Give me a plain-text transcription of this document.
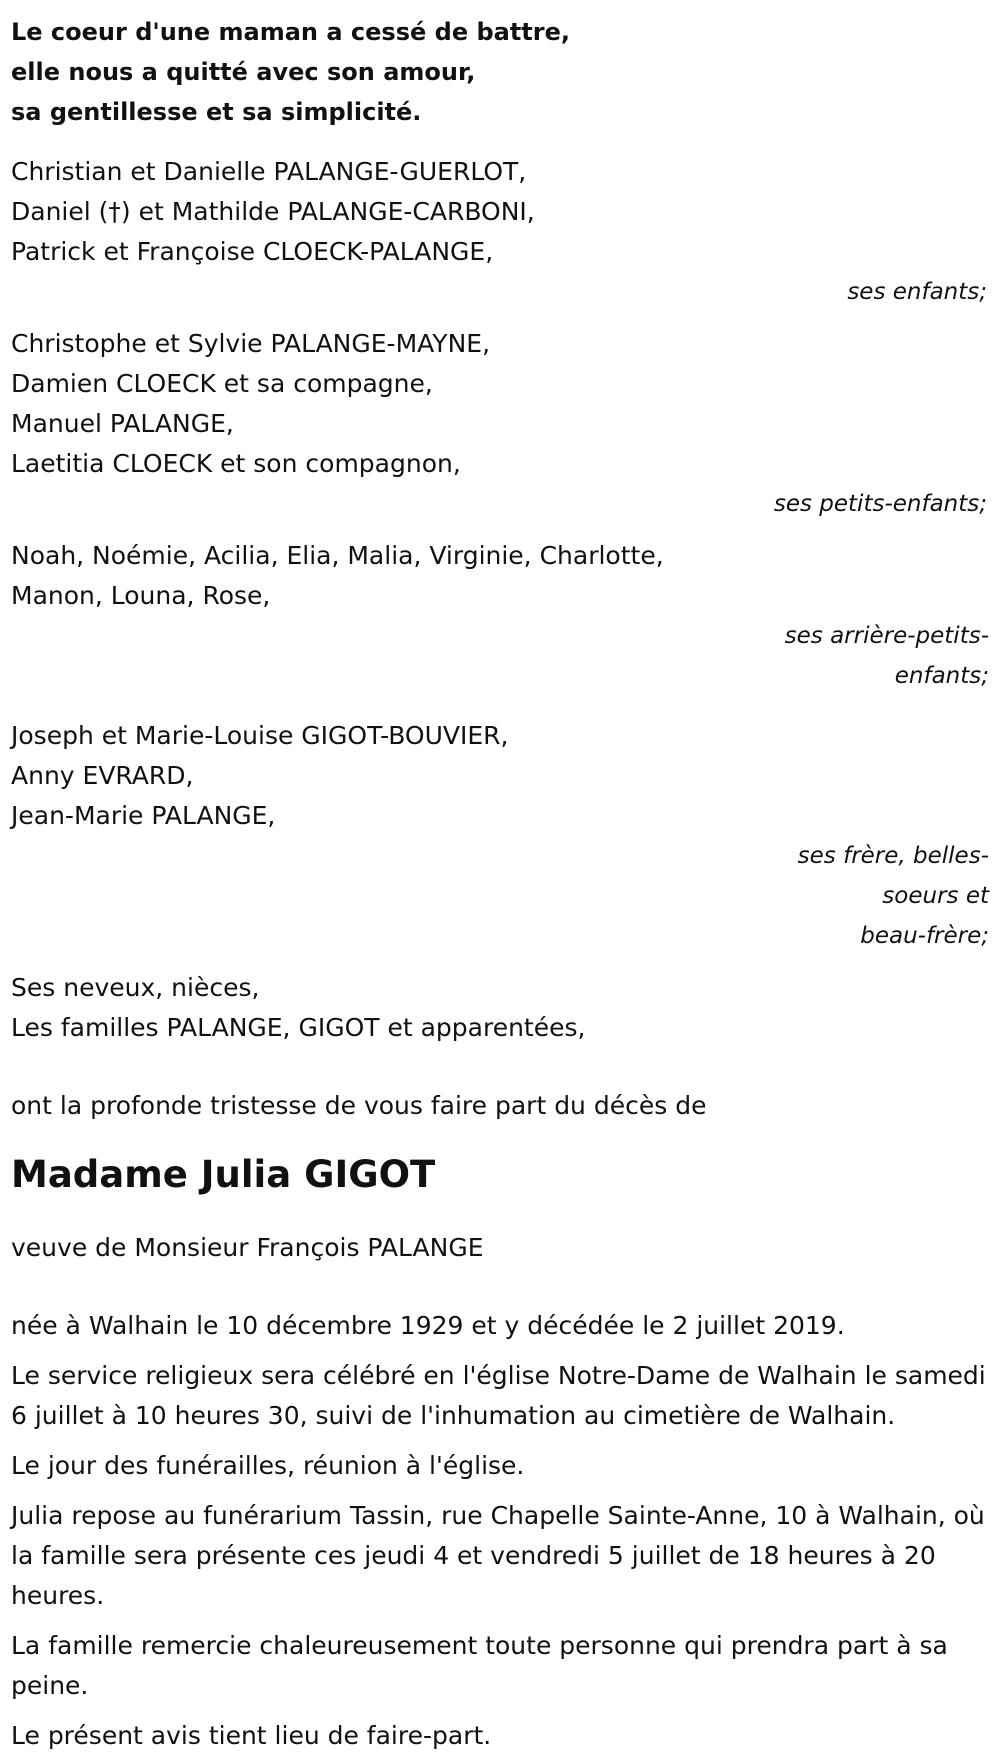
Le coeur d'une maman a cessé de battre,

elle nous a quitté avec son amour,

sa gentillesse et sa simplicité.

Christian et Danielle PALANGE-GUERLOT,

Daniel (†) et Mathilde PALANGE-CARBONI,

Patrick et Françoise CLOECK-PALANGE,

ses enfants;

Christophe et Sylvie PALANGE-MAYNE,

Damien CLOECK et sa compagne,

Manuel PALANGE,

Laetitia CLOECK et son compagnon,

ses petits-enfants;

Noah, Noémie, Acilia, Elia, Malia, Virginie, Charlotte,

Manon, Louna, Rose,

ses arrière-petits-
enfants;

Joseph et Marie-Louise GIGOT-BOUVIER,

Anny EVRARD,

Jean-Marie PALANGE,

ses frère, belles-
soeurs et
beau-frère;

Ses neveux, nièces,

Les familles PALANGE, GIGOT et apparentées,

ont la profonde tristesse de vous faire part du décès de

Madame Julia GIGOT

veuve de Monsieur François PALANGE

née à Walhain le 10 décembre 1929 et y décédée le 2 juillet 2019.

Le service religieux sera célébré en l'église Notre-Dame de Walhain le samedi 6 juillet à 10 heures 30, suivi de l'inhumation au cimetière de Walhain.

Le jour des funérailles, réunion à l'église.

Julia repose au funérarium Tassin, rue Chapelle Sainte-Anne, 10 à Walhain, où la famille sera présente ces jeudi 4 et vendredi 5 juillet de 18 heures à 20 heures.

La famille remercie chaleureusement toute personne qui prendra part à sa peine.

Le présent avis tient lieu de faire-part.
